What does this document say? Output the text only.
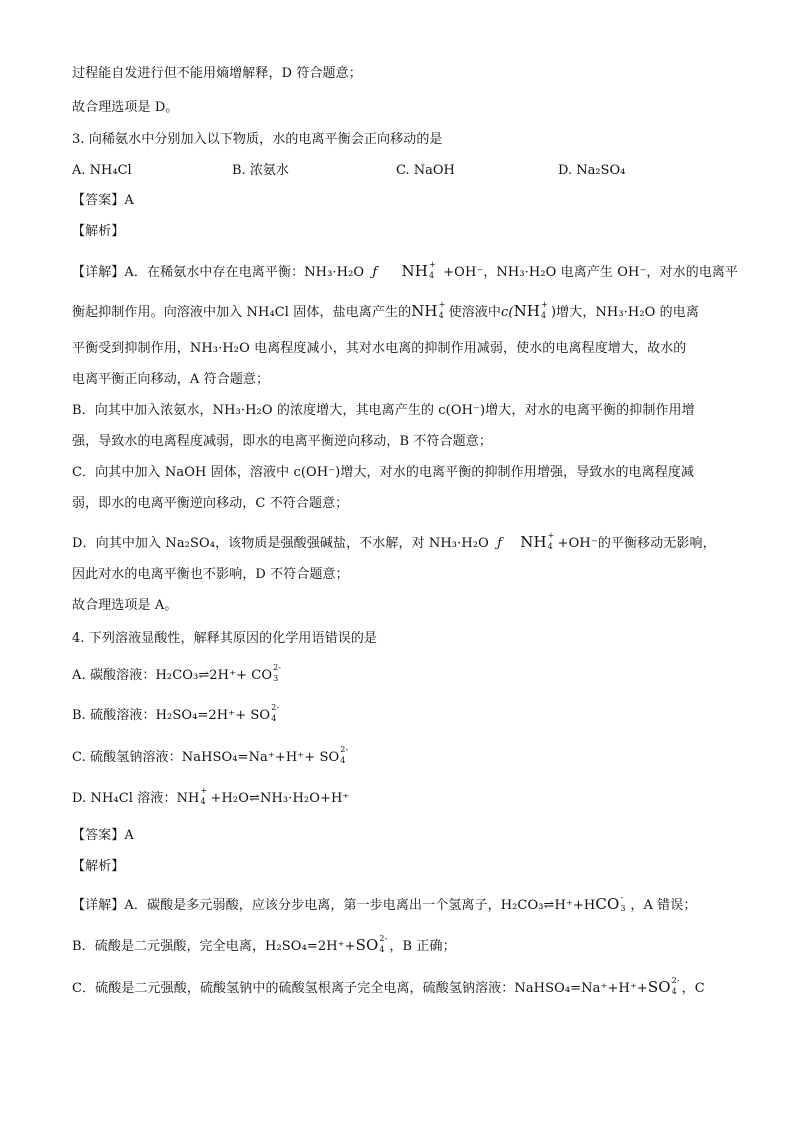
过程能自发进行但不能用熵增解释，D 符合题意；
故合理选项是 D。
3. 向稀氨水中分别加入以下物质，水的电离平衡会正向移动的是
A. NH₄Cl	B. 浓氨水	C. NaOH	D. Na₂SO₄
【答案】A
【解析】
【详解】A．在稀氨水中存在电离平衡：NH₃·H₂O ƒ NH +
4 +OH⁻，NH₃·H₂O 电离产生 OH⁻，对水的电离平
衡起抑制作用。向溶液中加入 NH₄Cl 固体，盐电离产生的NH +
4 使溶液中c(NH +
4 )增大，NH₃·H₂O 的电离
平衡受到抑制作用，NH₃·H₂O 电离程度减小，其对水电离的抑制作用减弱，使水的电离程度增大，故水的
电离平衡正向移动，A 符合题意；
B．向其中加入浓氨水，NH₃·H₂O 的浓度增大，其电离产生的 c(OH⁻)增大，对水的电离平衡的抑制作用增
强，导致水的电离程度减弱，即水的电离平衡逆向移动，B 不符合题意；
C．向其中加入 NaOH 固体，溶液中 c(OH⁻)增大，对水的电离平衡的抑制作用增强，导致水的电离程度减
弱，即水的电离平衡逆向移动，C 不符合题意；
D．向其中加入 Na₂SO₄，该物质是强酸强碱盐，不水解，对 NH₃·H₂O ƒ NH +
4 +OH⁻的平衡移动无影响，
因此对水的电离平衡也不影响，D 不符合题意；
故合理选项是 A。
4. 下列溶液显酸性，解释其原因的化学用语错误的是
A. 碳酸溶液：H₂CO₃⇌2H⁺+ CO
2-
3
B. 硫酸溶液：H₂SO₄=2H⁺+ SO
2-
4
C. 硫酸氢钠溶液：NaHSO₄=Na⁺+H⁺+ SO
2-
4
D. NH₄Cl 溶液：NH
+
4 +H₂O⇌NH₃·H₂O+H⁺
【答案】A
【解析】
【详解】A．碳酸是多元弱酸，应该分步电离，第一步电离出一个氢离子，H₂CO₃⇌H⁺+HCO -
3 ，A 错误；
B．硫酸是二元强酸，完全电离，H₂SO₄=2H⁺+SO 2-
4 ，B 正确；
C．硫酸是二元强酸，硫酸氢钠中的硫酸氢根离子完全电离，硫酸氢钠溶液：NaHSO₄=Na⁺+H⁺+SO 2-
4 ，C
